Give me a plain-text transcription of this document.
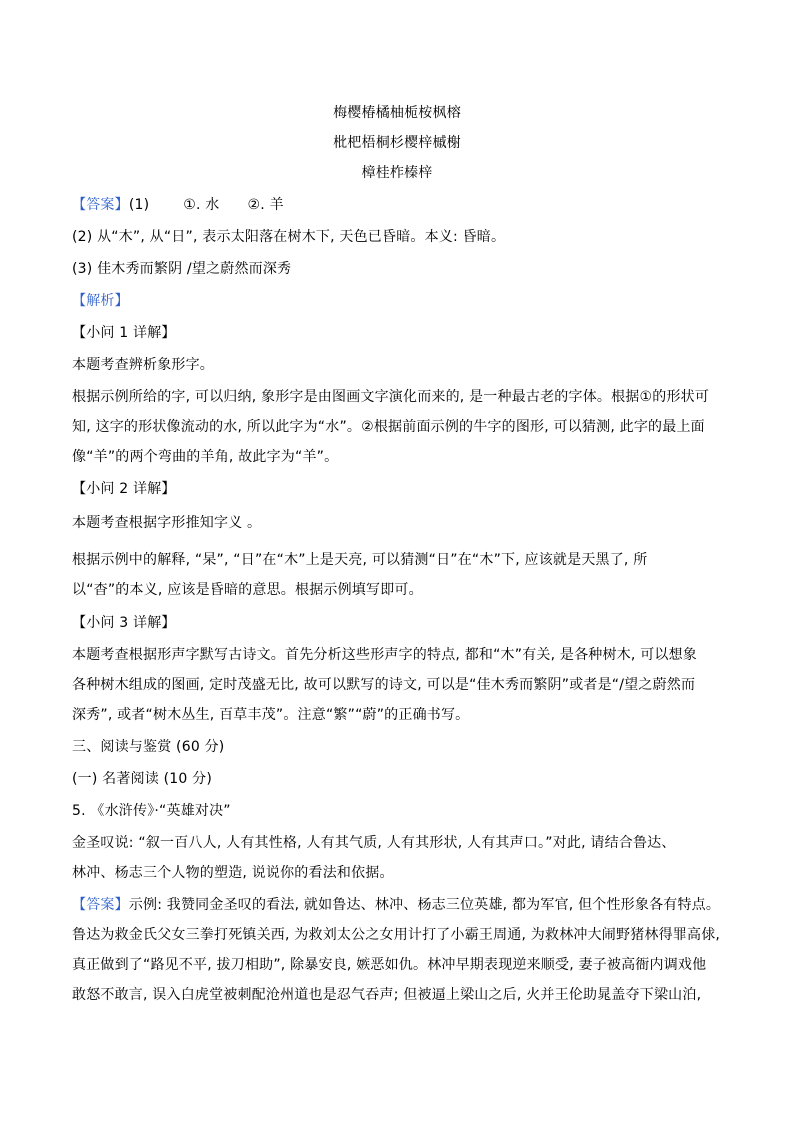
梅樱椿橘柚栀桉枫榕
枇杷梧桐杉樱梓槭榭
樟桂柞榛梓
【答案】(1) ①. 水 ②. 羊
(2) 从“木”, 从“日”, 表示太阳落在树木下, 天色已昏暗。本义: 昏暗。
(3) 佳木秀而繁阴 /望之蔚然而深秀
【解析】
【小问 1 详解】
本题考查辨析象形字。
根据示例所给的字, 可以归纳, 象形字是由图画文字演化而来的, 是一种最古老的字体。根据①的形状可
知, 这字的形状像流动的水, 所以此字为“水”。②根据前面示例的牛字的图形, 可以猜测, 此字的最上面
像“羊”的两个弯曲的羊角, 故此字为“羊”。
【小问 2 详解】
本题考查根据字形推知字义 。
根据示例中的解释, “杲”, “日”在“木”上是天亮, 可以猜测“日”在“木”下, 应该就是天黑了, 所
以“杳”的本义, 应该是昏暗的意思。根据示例填写即可。
【小问 3 详解】
本题考查根据形声字默写古诗文。首先分析这些形声字的特点, 都和“木”有关, 是各种树木, 可以想象
各种树木组成的图画, 定时茂盛无比, 故可以默写的诗文, 可以是“佳木秀而繁阴”或者是“/望之蔚然而
深秀”, 或者“树木丛生, 百草丰茂”。注意“繁”“蔚”的正确书写。
三、阅读与鉴赏 (60 分)
(一) 名著阅读 (10 分)
5. 《水浒传》·“英雄对决”
金圣叹说: “叙一百八人, 人有其性格, 人有其气质, 人有其形状, 人有其声口。”对此, 请结合鲁达、
林冲、杨志三个人物的塑造, 说说你的看法和依据。
【答案】示例: 我赞同金圣叹的看法, 就如鲁达、林冲、杨志三位英雄, 都为军官, 但个性形象各有特点。
鲁达为救金氏父女三拳打死镇关西, 为救刘太公之女用计打了小霸王周通, 为救林冲大闹野猪林得罪高俅,
真正做到了“路见不平, 拔刀相助”, 除暴安良, 嫉恶如仇。林冲早期表现逆来顺受, 妻子被高衙内调戏他
敢怒不敢言, 误入白虎堂被刺配沧州道也是忍气吞声; 但被逼上梁山之后, 火并王伦助晁盖夺下梁山泊,
